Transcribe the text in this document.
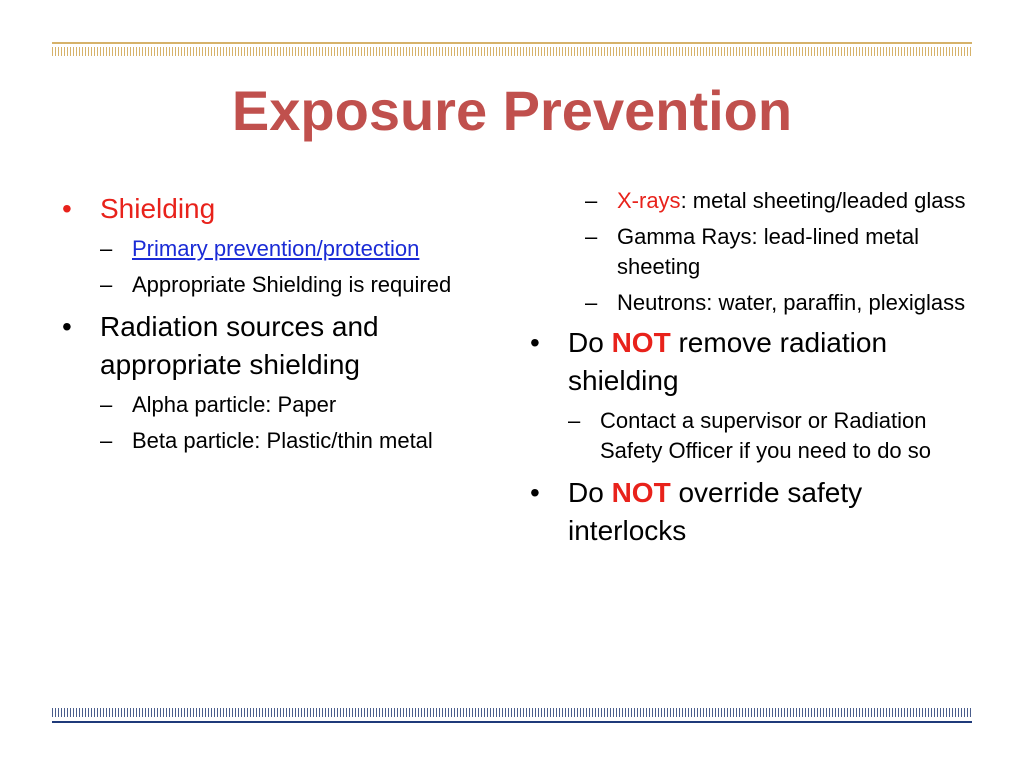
Exposure Prevention
• Shielding
– Primary prevention/protection
– Appropriate Shielding is required
• Radiation sources and appropriate shielding
– Alpha particle: Paper
– Beta particle: Plastic/thin metal
– X-rays: metal sheeting/leaded glass
– Gamma Rays: lead-lined metal sheeting
– Neutrons: water, paraffin, plexiglass
• Do NOT remove radiation shielding
– Contact a supervisor or Radiation Safety Officer if you need to do so
• Do NOT override safety interlocks
